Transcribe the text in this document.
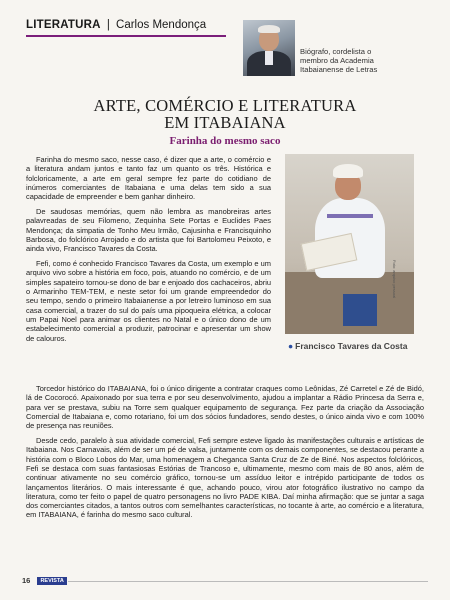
LITERATURA | Carlos Mendonça
Biógrafo, cordelista o
membro da Academia
Itabaianense de Letras
ARTE, COMÉRCIO E LITERATURA
EM ITABAIANA
Farinha do mesmo saco

Farinha do mesmo saco, nesse caso, é dizer que a arte, o comércio e a literatura andam juntos e tanto faz um quanto os três. Histórica e folcloricamente, a arte em geral sempre fez parte do cotidiano de inúmeros comerciantes de Itabaiana e uma delas tem sido a sua capacidade de empreender e bem ganhar dinheiro.

De saudosas memórias, quem não lembra as manobreiras artes palavreadas de seu Filomeno, Zequinha Sete Portas e Euclides Paes Mendonça; da simpatia de Tonho Meu Irmão, Cajusinha e Francisquinho Barbosa, do folclórico Arrojado e do artista que foi Bartolomeu Peixoto, e ainda vivo, Francisco Tavares da Costa.

Fefi, como é conhecido Francisco Tavares da Costa, um exemplo e um arquivo vivo sobre a história em foco, pois, atuando no comércio, e de um simples sapateiro tornou-se dono de bar e enjoado dos cachaceiros, abriu o Armarinho TEM-TEM, e neste setor foi um grande empreendedor do seu tempo, sendo o primeiro Itabaianense a por letreiro luminoso em sua casa comercial, a trazer do sul do país uma pipoqueira elétrica, a colocar um Papai Noel para animar os clientes no Natal e o único dono de um estabelecimento comercial a produzir, patrocinar e apresentar um show de calouros.

Foto: arquivo pessoal
● Francisco Tavares da Costa

Torcedor histórico do ITABAIANA, foi o único dirigente a contratar craques como Leônidas, Zé Carretel e Zé de Bidó, lá de Cocorocó. Apaixonado por sua terra e por seu desenvolvimento, ajudou a implantar a Rádio Princesa da Serra e, para ver se prestava, subiu na Torre sem qualquer equipamento de segurança. Fez parte da criação da Associação Comercial de Itabaiana e, como rotariano, foi um dos sócios fundadores, sendo destes, o único ainda vivo e com 100% de presença nas reuniões.

Desde cedo, paralelo à sua atividade comercial, Fefi sempre esteve ligado às manifestações culturais e artísticas de Itabaiana. Nos Carnavais, além de ser um pé de valsa, juntamente com os demais componentes, se destacou perante a história com o Bloco Lobos do Mar, uma homenagem a Cheganca Santa Cruz de Ze de Biné. Nos aspectos folclóricos, Fefi se destaca com suas fantasiosas Estórias de Trancoso e, ultimamente, mesmo com mais de 80 anos, além de continuar ativamente no seu comércio gráfico, tornou-se um assíduo leitor e intrépido participante de todos os lançamentos literários. O mais interessante é que, achando pouco, virou ator fotográfico ilustrativo no campo da literatura, como ter feito o papel de quatro personagens no livro PADE KIBA. Daí minha afirmação: que se juntar a saga dos comerciantes citados, a tantos outros com semelhantes características, no tocante à arte, ao comércio e a literatura, em ITABAIANA, é farinha do mesmo saco cultural.

16 REVISTA
